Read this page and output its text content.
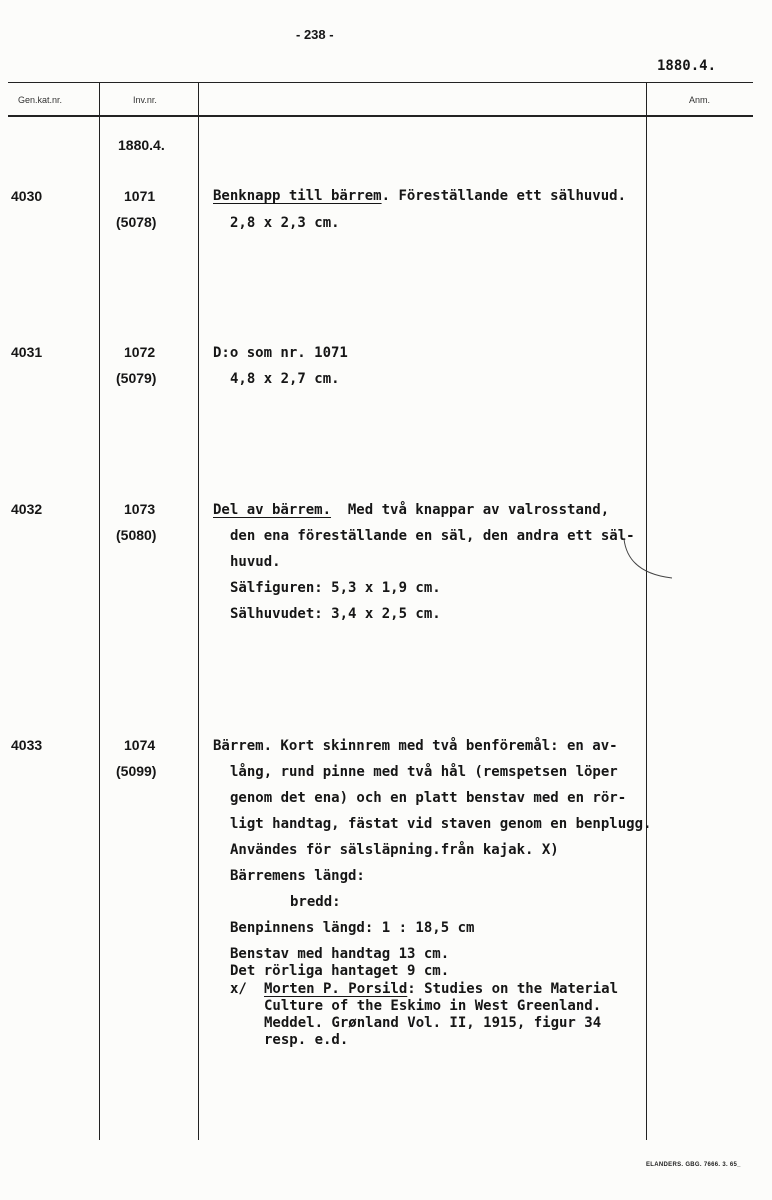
- 238 -
1880.4.
Gen.kat.nr.	Inv.nr.	Anm.
1880.4.
4030	1071
(5078)
Benknapp till bärrem. Föreställande ett sälhuvud.
2,8 x 2,3 cm.
4031	1072
(5079)
D:o som nr. 1071
4,8 x 2,7 cm.
4032	1073
(5080)
Del av bärrem. Med två knappar av valrosstand,
den ena föreställande en säl, den andra ett säl-
huvud.
Sälfiguren: 5,3 x 1,9 cm.
Sälhuvudet: 3,4 x 2,5 cm.
4033	1074
(5099)
Bärrem. Kort skinnrem med två benföremål: en av-
lång, rund pinne med två hål (remspetsen löper
genom det ena) och en platt benstav med en rör-
ligt handtag, fästat vid staven genom en benplugg.
Användes för sälsläpning.från kajak. X)
Bärremens längd:
bredd:
Benpinnens längd: 1 : 18,5 cm
Benstav med handtag 13 cm.
Det rörliga hantaget 9 cm.
x/ Morten P. Porsild: Studies on the Material
Culture of the Eskimo in West Greenland.
Meddel. Grønland Vol. II, 1915, figur 34
resp. e.d.
ELANDERS. GBG. 7666. 3. 65_
